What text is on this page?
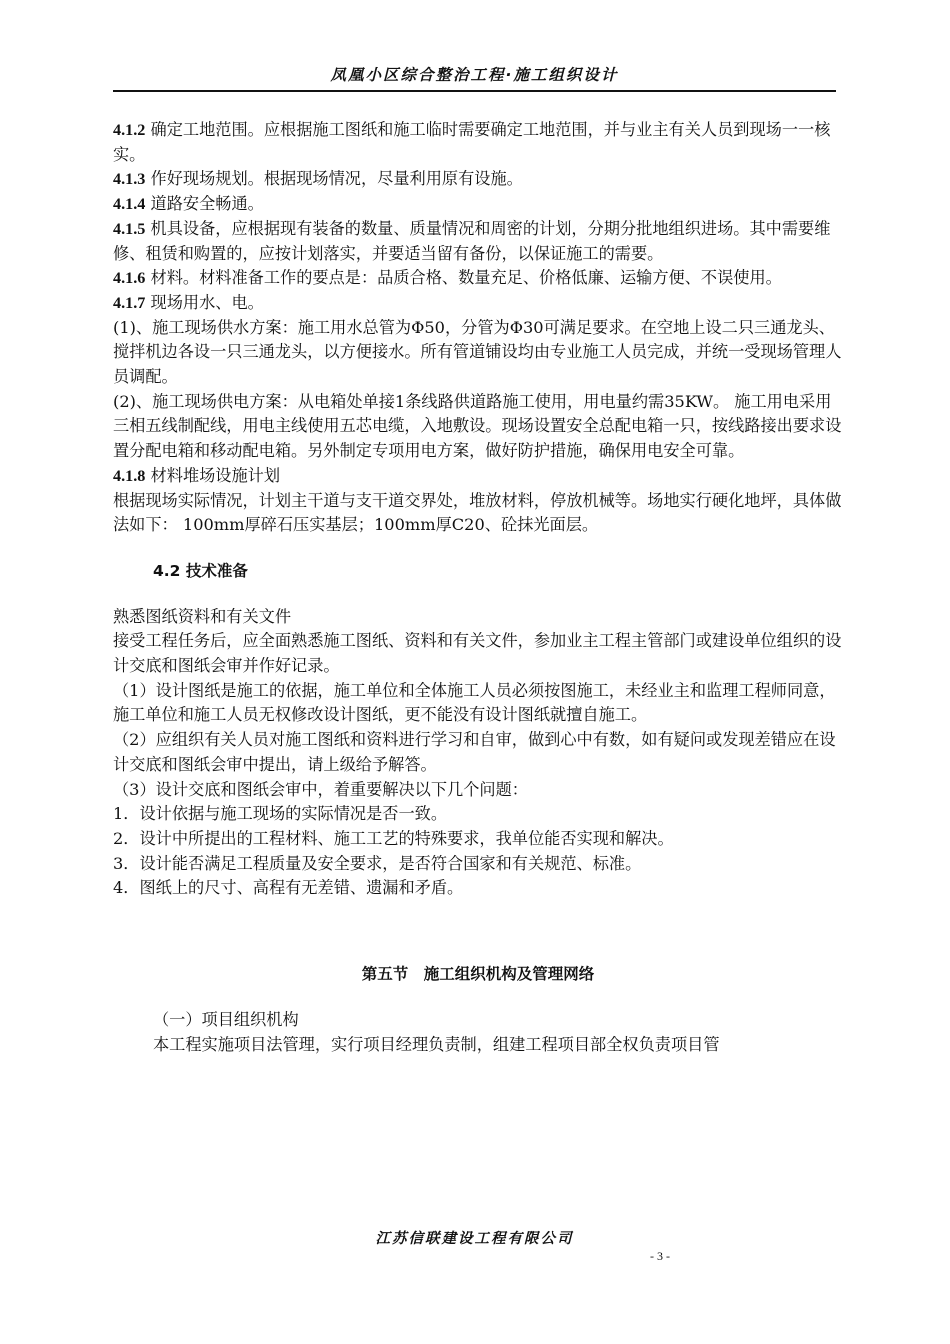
凤凰小区综合整治工程·施工组织设计

4.1.2 确定工地范围。应根据施工图纸和施工临时需要确定工地范围，并与业主有关人员到现场一一核实。

4.1.3 作好现场规划。根据现场情况，尽量利用原有设施。

4.1.4 道路安全畅通。

4.1.5 机具设备，应根据现有装备的数量、质量情况和周密的计划，分期分批地组织进场。其中需要维修、租赁和购置的，应按计划落实，并要适当留有备份，以保证施工的需要。

4.1.6 材料。材料准备工作的要点是：品质合格、数量充足、价格低廉、运输方便、不误使用。

4.1.7 现场用水、电。

(1)、施工现场供水方案：施工用水总管为Φ50，分管为Φ30可满足要求。在空地上设二只三通龙头、搅拌机边各设一只三通龙头，以方便接水。所有管道铺设均由专业施工人员完成，并统一受现场管理人员调配。

(2)、施工现场供电方案：从电箱处单接1条线路供道路施工使用，用电量约需35KW。 施工用电采用三相五线制配线，用电主线使用五芯电缆，入地敷设。现场设置安全总配电箱一只，按线路接出要求设置分配电箱和移动配电箱。另外制定专项用电方案，做好防护措施，确保用电安全可靠。

4.1.8 材料堆场设施计划

根据现场实际情况，计划主干道与支干道交界处，堆放材料，停放机械等。场地实行硬化地坪，具体做法如下： 100mm厚碎石压实基层；100mm厚C20、砼抹光面层。

4.2 技术准备

熟悉图纸资料和有关文件

接受工程任务后，应全面熟悉施工图纸、资料和有关文件，参加业主工程主管部门或建设单位组织的设计交底和图纸会审并作好记录。

（1）设计图纸是施工的依据，施工单位和全体施工人员必须按图施工，未经业主和监理工程师同意，施工单位和施工人员无权修改设计图纸，更不能没有设计图纸就擅自施工。

（2）应组织有关人员对施工图纸和资料进行学习和自审，做到心中有数，如有疑问或发现差错应在设计交底和图纸会审中提出，请上级给予解答。

（3）设计交底和图纸会审中，着重要解决以下几个问题：

1．设计依据与施工现场的实际情况是否一致。

2．设计中所提出的工程材料、施工工艺的特殊要求，我单位能否实现和解决。

3．设计能否满足工程质量及安全要求，是否符合国家和有关规范、标准。

4．图纸上的尺寸、高程有无差错、遗漏和矛盾。

第五节　施工组织机构及管理网络

（一）项目组织机构

本工程实施项目法管理，实行项目经理负责制，组建工程项目部全权负责项目管

江苏信联建设工程有限公司
- 3 -
